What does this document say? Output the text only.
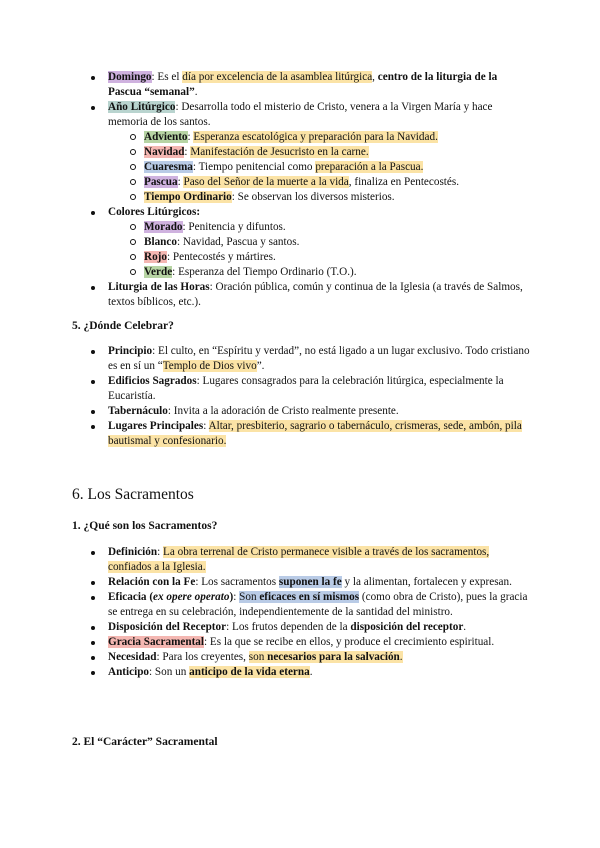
Domingo: Es el día por excelencia de la asamblea litúrgica, centro de la liturgia de la Pascua “semanal”.
Año Litúrgico: Desarrolla todo el misterio de Cristo, venera a la Virgen María y hace memoria de los santos.
Adviento: Esperanza escatológica y preparación para la Navidad.
Navidad: Manifestación de Jesucristo en la carne.
Cuaresma: Tiempo penitencial como preparación a la Pascua.
Pascua: Paso del Señor de la muerte a la vida, finaliza en Pentecostés.
Tiempo Ordinario: Se observan los diversos misterios.
Colores Litúrgicos:
Morado: Penitencia y difuntos.
Blanco: Navidad, Pascua y santos.
Rojo: Pentecostés y mártires.
Verde: Esperanza del Tiempo Ordinario (T.O.).
Liturgia de las Horas: Oración pública, común y continua de la Iglesia (a través de Salmos, textos bíblicos, etc.).
5. ¿Dónde Celebrar?
Principio: El culto, en “Espíritu y verdad”, no está ligado a un lugar exclusivo. Todo cristiano es en sí un “Templo de Dios vivo”.
Edificios Sagrados: Lugares consagrados para la celebración litúrgica, especialmente la Eucaristía.
Tabernáculo: Invita a la adoración de Cristo realmente presente.
Lugares Principales: Altar, presbiterio, sagrario o tabernáculo, crismeras, sede, ambón, pila bautismal y confesionario.
6. Los Sacramentos
1. ¿Qué son los Sacramentos?
Definición: La obra terrenal de Cristo permanece visible a través de los sacramentos, confiados a la Iglesia.
Relación con la Fe: Los sacramentos suponen la fe y la alimentan, fortalecen y expresan.
Eficacia (ex opere operato): Son eficaces en sí mismos (como obra de Cristo), pues la gracia se entrega en su celebración, independientemente de la santidad del ministro.
Disposición del Receptor: Los frutos dependen de la disposición del receptor.
Gracia Sacramental: Es la que se recibe en ellos, y produce el crecimiento espiritual.
Necesidad: Para los creyentes, son necesarios para la salvación.
Anticipo: Son un anticipo de la vida eterna.
2. El “Carácter” Sacramental
